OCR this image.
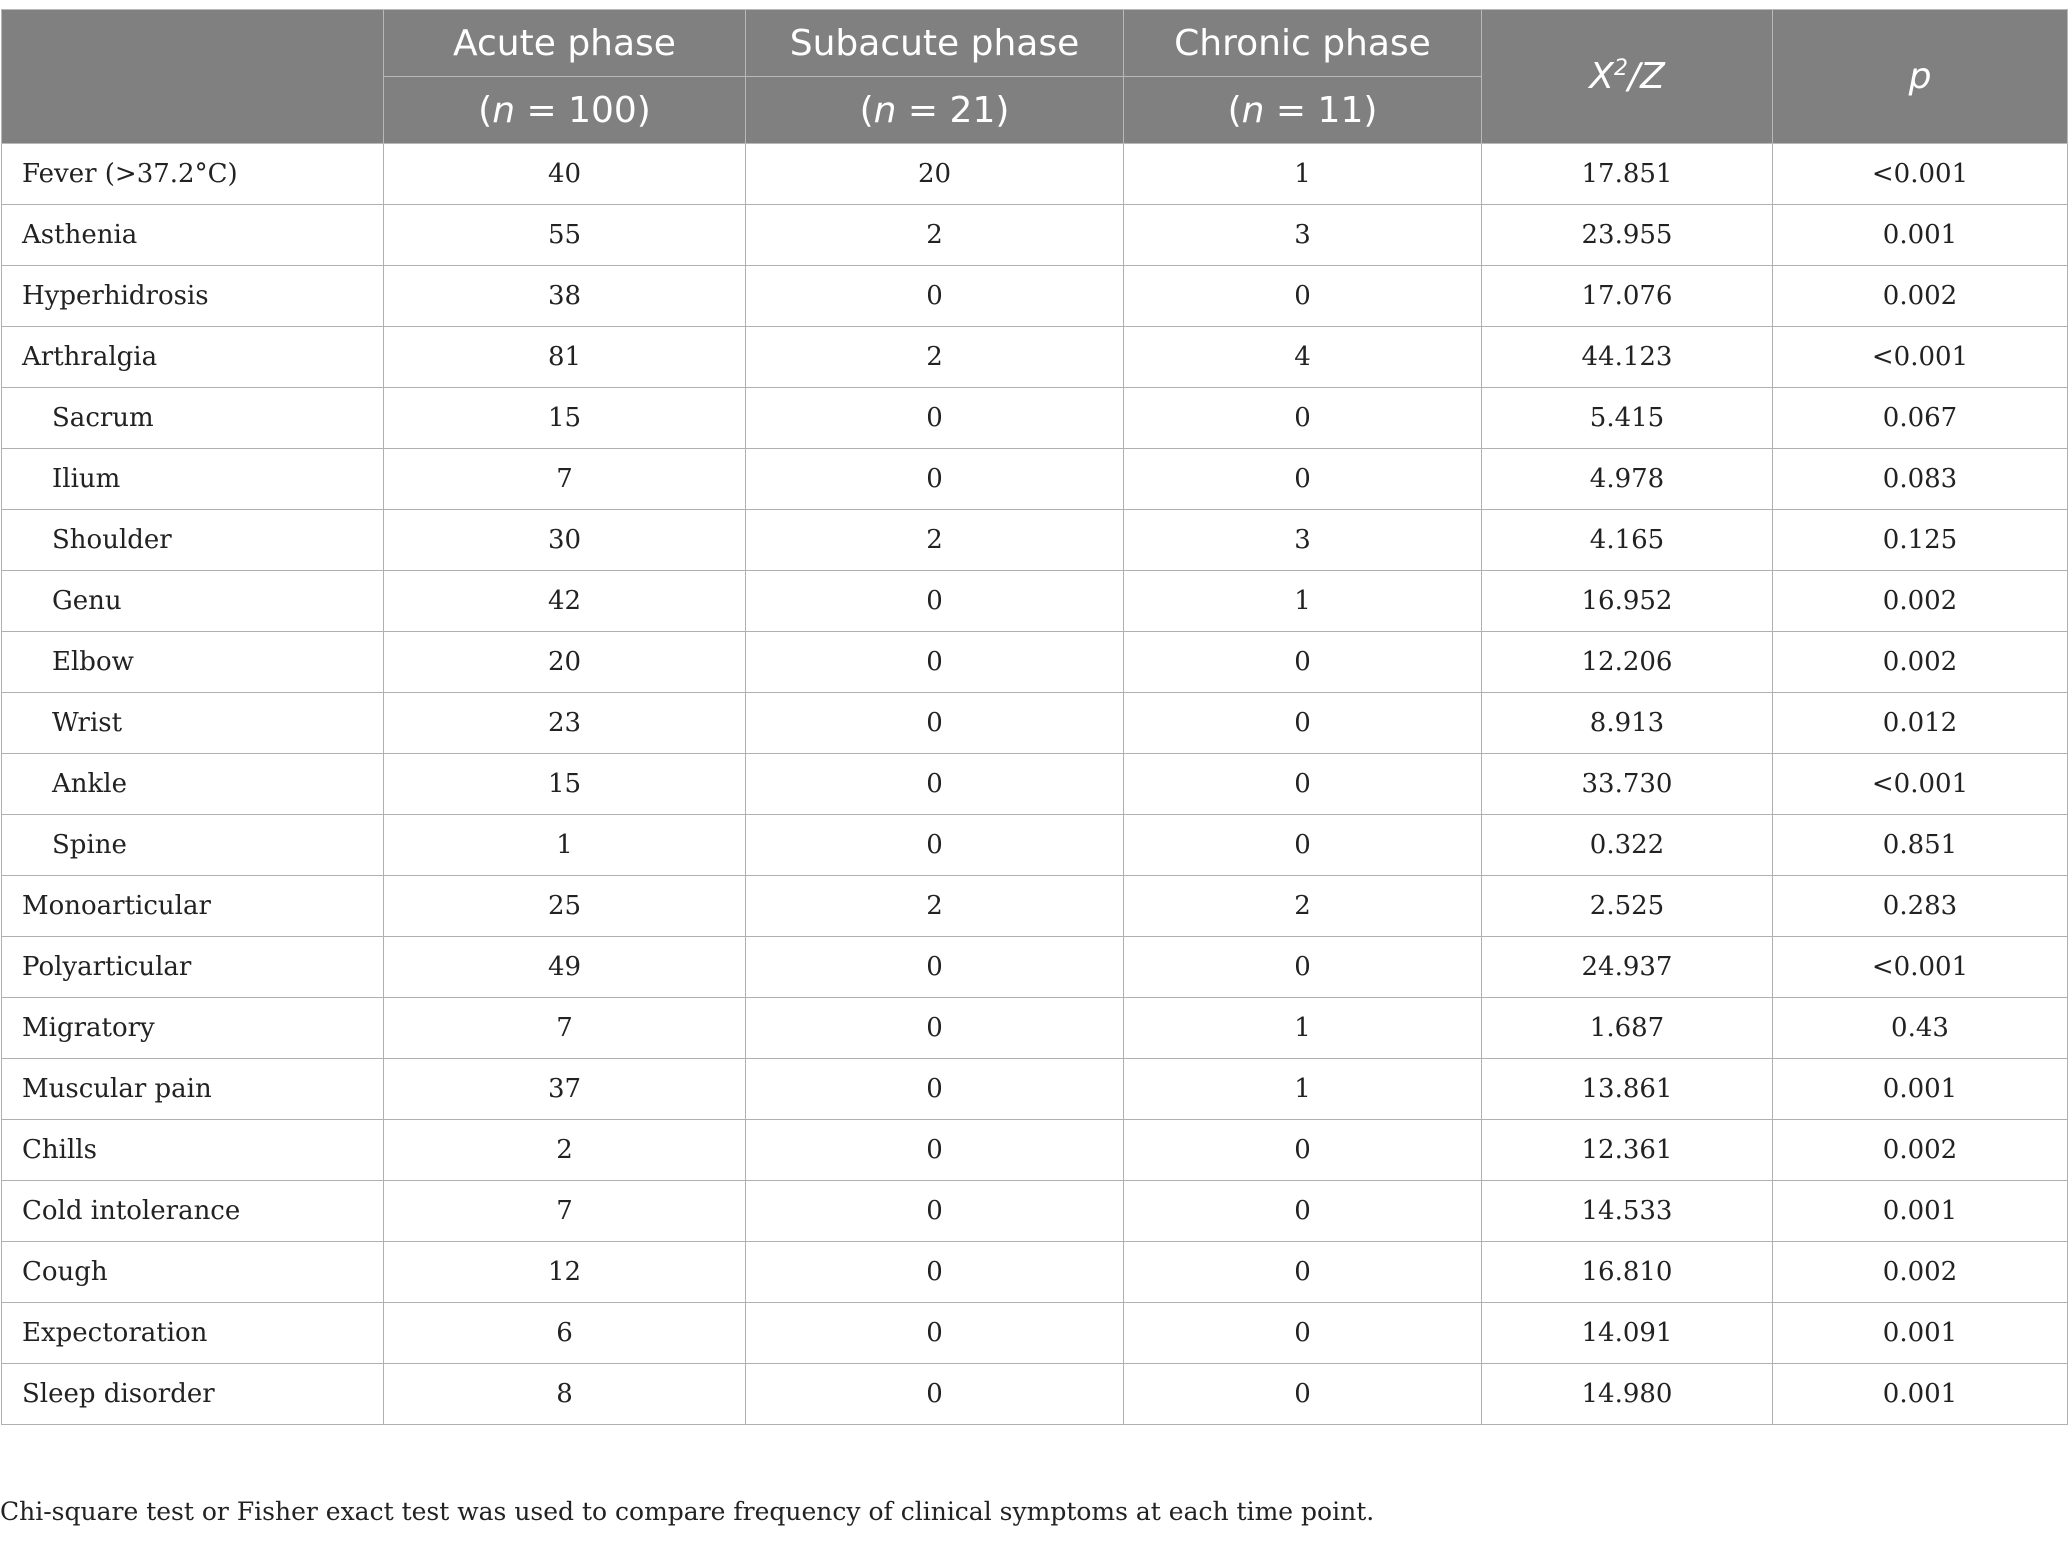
	Acute phase	Subacute phase	Chronic phase	$X^2/Z$	p
	(n = 100)	(n = 21)	(n = 11)		
Fever (>37.2°C)	40	20	1	17.851	<0.001
Asthenia	55	2	3	23.955	0.001
Hyperhidrosis	38	0	0	17.076	0.002
Arthralgia	81	2	4	44.123	<0.001
Sacrum	15	0	0	5.415	0.067
Ilium	7	0	0	4.978	0.083
Shoulder	30	2	3	4.165	0.125
Genu	42	0	1	16.952	0.002
Elbow	20	0	0	12.206	0.002
Wrist	23	0	0	8.913	0.012
Ankle	15	0	0	33.730	<0.001
Spine	1	0	0	0.322	0.851
Monoarticular	25	2	2	2.525	0.283
Polyarticular	49	0	0	24.937	<0.001
Migratory	7	0	1	1.687	0.43
Muscular pain	37	0	1	13.861	0.001
Chills	2	0	0	12.361	0.002
Cold intolerance	7	0	0	14.533	0.001
Cough	12	0	0	16.810	0.002
Expectoration	6	0	0	14.091	0.001
Sleep disorder	8	0	0	14.980	0.001
Chi-square test or Fisher exact test was used to compare frequency of clinical symptoms at each time point.
